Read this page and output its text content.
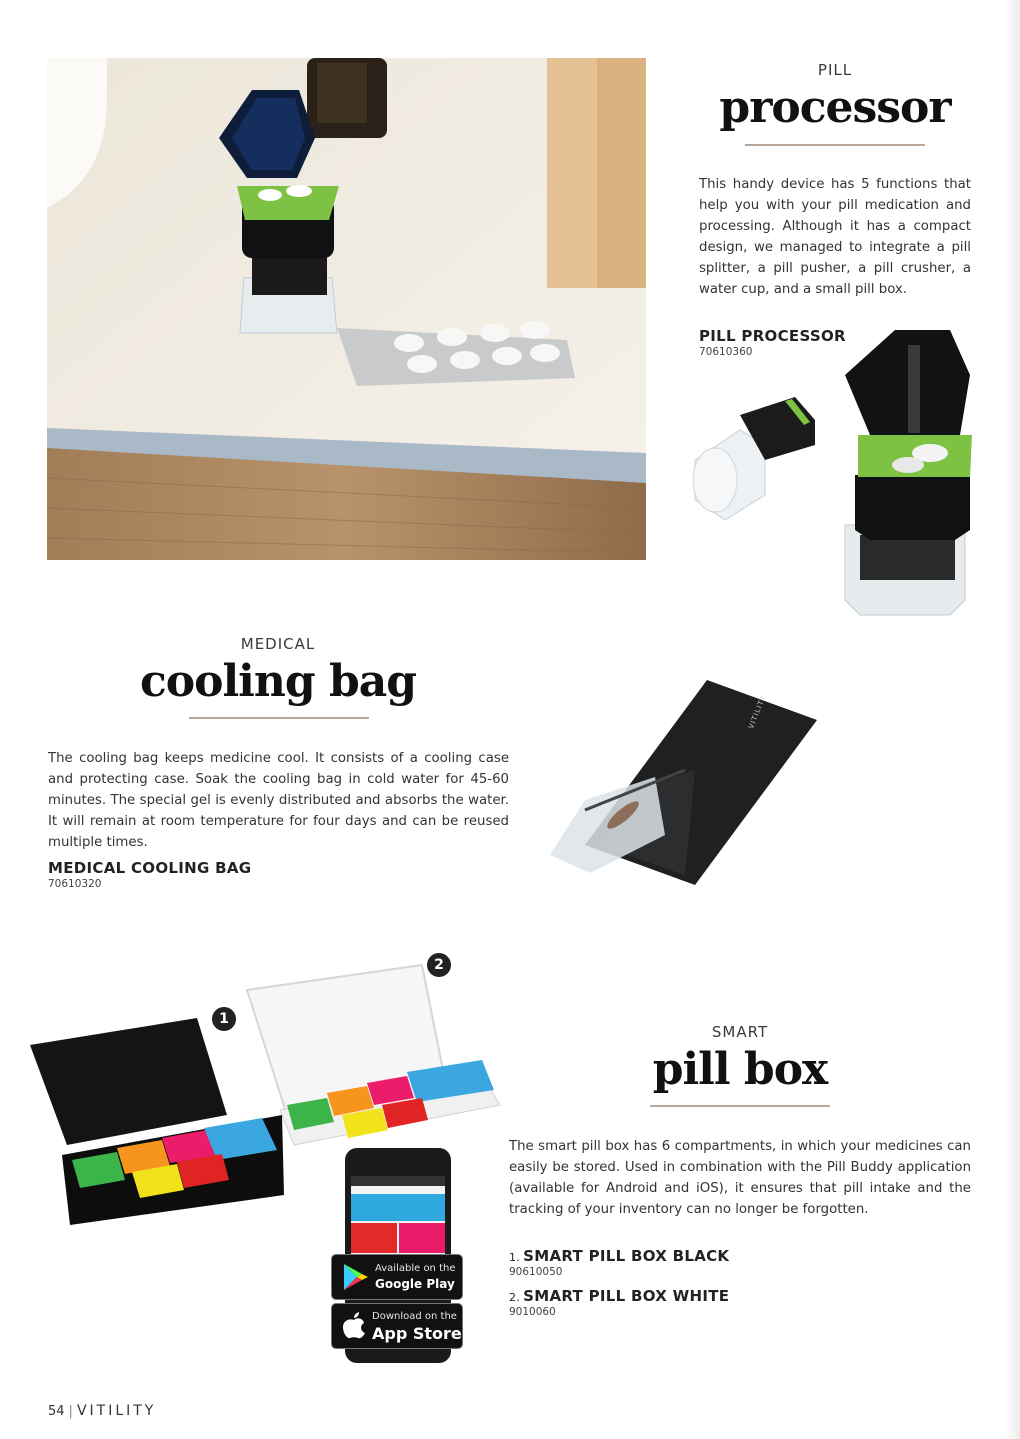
PILL
processor
This handy device has 5 functions that help you with your pill medication and processing. Although it has a compact design, we managed to integrate a pill splitter, a pill pusher, a pill crusher, a water cup, and a small pill box.
PILL PROCESSOR
70610360
MEDICAL
cooling bag
The cooling bag keeps medicine cool. It consists of a cooling case and protecting case. Soak the cooling bag in cold water for 45-60 minutes. The special gel is evenly distributed and absorbs the water. It will remain at room temperature for four days and can be reused multiple times.
MEDICAL COOLING BAG
70610320
VITILITY
1
2
Available on the
Google Play
Download on the
App Store
SMART
pill box
The smart pill box has 6 compartments, in which your medicines can easily be stored. Used in combination with the Pill Buddy application (available for Android and iOS), it ensures that pill intake and the tracking of your inventory can no longer be forgotten.
1. SMART PILL BOX BLACK
90610050
2. SMART PILL BOX WHITE
9010060
54 | VITILITY
